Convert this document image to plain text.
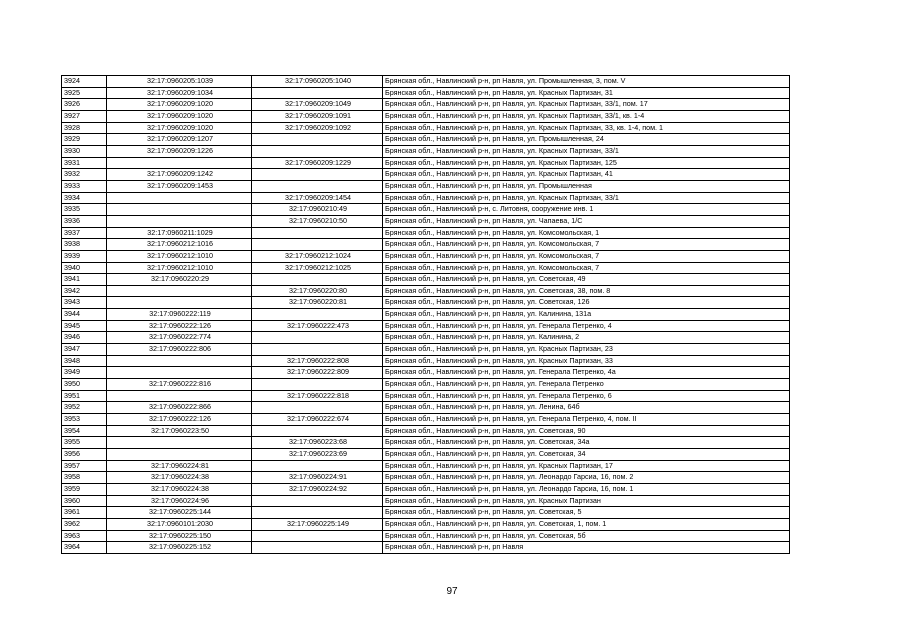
3924	32:17:0960205:1039	32:17:0960205:1040	Брянская обл., Навлинский р-н, рп Навля, ул. Промышленная, 3, пом. V
3925	32:17:0960209:1034		Брянская обл., Навлинский р-н, рп Навля, ул. Красных Партизан, 31
3926	32:17:0960209:1020	32:17:0960209:1049	Брянская обл., Навлинский р-н, рп Навля, ул. Красных Партизан, 33/1, пом. 17
3927	32:17:0960209:1020	32:17:0960209:1091	Брянская обл., Навлинский р-н, рп Навля, ул. Красных Партизан, 33/1, кв. 1-4
3928	32:17:0960209:1020	32:17:0960209:1092	Брянская обл., Навлинский р-н, рп Навля, ул. Красных Партизан, 33, кв. 1-4, пом. 1
3929	32:17:0960209:1207		Брянская обл., Навлинский р-н, рп Навля, ул. Промышленная, 24
3930	32:17:0960209:1226		Брянская обл., Навлинский р-н, рп Навля, ул. Красных Партизан, 33/1
3931		32:17:0960209:1229	Брянская обл., Навлинский р-н, рп Навля, ул. Красных Партизан, 125
3932	32:17:0960209:1242		Брянская обл., Навлинский р-н, рп Навля, ул. Красных Партизан, 41
3933	32:17:0960209:1453		Брянская обл., Навлинский р-н, рп Навля, ул. Промышленная
3934		32:17:0960209:1454	Брянская обл., Навлинский р-н, рп Навля, ул. Красных Партизан, 33/1
3935		32:17:0960210:49	Брянская обл., Навлинский р-н, с. Литовня, сооружение инв. 1
3936		32:17:0960210:50	Брянская обл., Навлинский р-н, рп Навля, ул. Чапаева, 1/С
3937	32:17:0960211:1029		Брянская обл., Навлинский р-н, рп Навля, ул. Комсомольская, 1
3938	32:17:0960212:1016		Брянская обл., Навлинский р-н, рп Навля, ул. Комсомольская, 7
3939	32:17:0960212:1010	32:17:0960212:1024	Брянская обл., Навлинский р-н, рп Навля, ул. Комсомольская, 7
3940	32:17:0960212:1010	32:17:0960212:1025	Брянская обл., Навлинский р-н, рп Навля, ул. Комсомольская, 7
3941	32:17:0960220:29		Брянская обл., Навлинский р-н, рп Навля, ул. Советская, 49
3942		32:17:0960220:80	Брянская обл., Навлинский р-н, рп Навля, ул. Советская, 38, пом. 8
3943		32:17:0960220:81	Брянская обл., Навлинский р-н, рп Навля, ул. Советская, 126
3944	32:17:0960222:119		Брянская обл., Навлинский р-н, рп Навля, ул. Калинина, 131а
3945	32:17:0960222:126	32:17:0960222:473	Брянская обл., Навлинский р-н, рп Навля, ул. Генерала Петренко, 4
3946	32:17:0960222:774		Брянская обл., Навлинский р-н, рп Навля, ул. Калинина, 2
3947	32:17:0960222:806		Брянская обл., Навлинский р-н, рп Навля, ул. Красных Партизан, 23
3948		32:17:0960222:808	Брянская обл., Навлинский р-н, рп Навля, ул. Красных Партизан, 33
3949		32:17:0960222:809	Брянская обл., Навлинский р-н, рп Навля, ул. Генерала Петренко, 4а
3950	32:17:0960222:816		Брянская обл., Навлинский р-н, рп Навля, ул. Генерала Петренко
3951		32:17:0960222:818	Брянская обл., Навлинский р-н, рп Навля, ул. Генерала Петренко, 6
3952	32:17:0960222:866		Брянская обл., Навлинский р-н, рп Навля, ул. Ленина, 64б
3953	32:17:0960222:126	32:17:0960222:674	Брянская обл., Навлинский р-н, рп Навля, ул. Генерала Петренко, 4, пом. II
3954	32:17:0960223:50		Брянская обл., Навлинский р-н, рп Навля, ул. Советская, 90
3955		32:17:0960223:68	Брянская обл., Навлинский р-н, рп Навля, ул. Советская, 34а
3956		32:17:0960223:69	Брянская обл., Навлинский р-н, рп Навля, ул. Советская, 34
3957	32:17:0960224:81		Брянская обл., Навлинский р-н, рп Навля, ул. Красных Партизан, 17
3958	32:17:0960224:38	32:17:0960224:91	Брянская обл., Навлинский р-н, рп Навля, ул. Леонардо Гарсиа, 16, пом. 2
3959	32:17:0960224:38	32:17:0960224:92	Брянская обл., Навлинский р-н, рп Навля, ул. Леонардо Гарсиа, 16, пом. 1
3960	32:17:0960224:96		Брянская обл., Навлинский р-н, рп Навля, ул. Красных Партизан
3961	32:17:0960225:144		Брянская обл., Навлинский р-н, рп Навля, ул. Советская, 5
3962	32:17:0960101:2030	32:17:0960225:149	Брянская обл., Навлинский р-н, рп Навля, ул. Советская, 1, пом. 1
3963	32:17:0960225:150		Брянская обл., Навлинский р-н, рп Навля, ул. Советская, 5б
3964	32:17:0960225:152		Брянская обл., Навлинский р-н, рп Навля
97
